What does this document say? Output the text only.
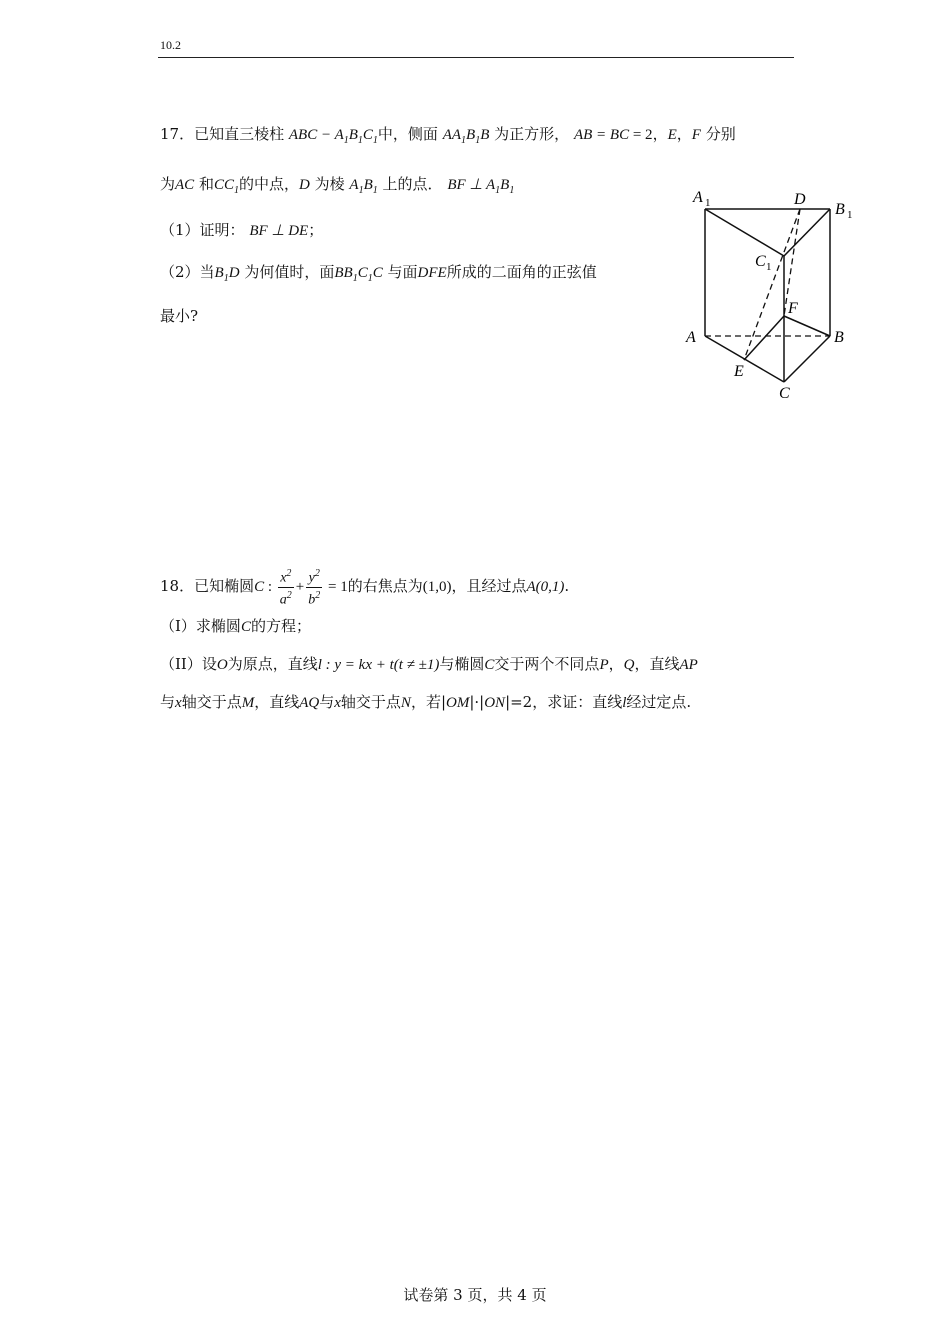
10.2
17．已知直三棱柱 ABC − $A_1B_1C_1$中，侧面 $AA_1B_1B$ 为正方形， AB = BC = 2，E，F 分别
为AC 和$CC_1$的中点，D 为棱 $A_1B_1$ 上的点． BF ⊥ $A_1B_1$
（1）证明： BF ⊥ DE；
（2）当$B_1D$ 为何值时，面$BB_1C_1C$ 与面DFE所成的二面角的正弦值
最小?
A 1	D
B 1
C 1
F
A	B
E
C
18．已知椭圆C : $\frac{x^2}{a^2} + \frac{y^2}{b^2} = 1$的右焦点为(1,0)，且经过点A(0,1).
（I）求椭圆C的方程；
（II）设O为原点，直线l : y = kx + t(t ≠ ±1)与椭圆C交于两个不同点P，Q，直线AP
与x轴交于点M，直线AQ与x轴交于点N，若|OM|·|ON|=2，求证：直线l经过定点.
试卷第 3 页，共 4 页
